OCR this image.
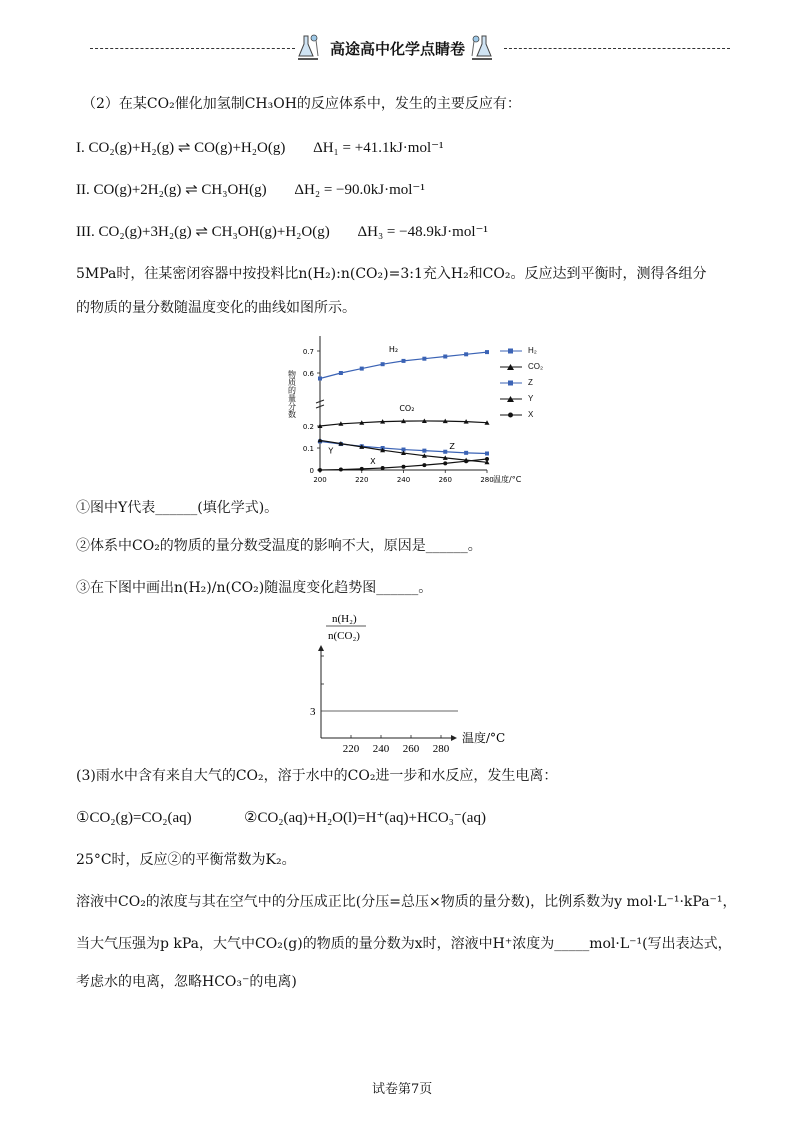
高途高中化学点睛卷
（2）在某CO₂催化加氢制CH₃OH的反应体系中，发生的主要反应有：
I. CO₂(g)+H₂(g) ⇌ CO(g)+H₂O(g) ΔH₁ = +41.1kJ·mol⁻¹
II. CO(g)+2H₂(g) ⇌ CH₃OH(g) ΔH₂ = −90.0kJ·mol⁻¹
III. CO₂(g)+3H₂(g) ⇌ CH₃OH(g)+H₂O(g) ΔH₃ = −48.9kJ·mol⁻¹
5MPa时，往某密闭容器中按投料比n(H₂):n(CO₂)=3:1充入H₂和CO₂。反应达到平衡时，测得各组分
的物质的量分数随温度变化的曲线如图所示。
物质的量分数
0
0.1
0.2
0.6
0.7
200	220	240	260	280 温度/°C
H₂
CO₂
Z
Y
X
H₂
CO₂
Z
Y
X
①图中Y代表______(填化学式)。
②体系中CO₂的物质的量分数受温度的影响不大，原因是______。
③在下图中画出n(H₂)/n(CO₂)随温度变化趋势图______。
n(H₂)
n(CO₂)
3
220 240 260 280
温度/°C
(3)雨水中含有来自大气的CO₂，溶于水中的CO₂进一步和水反应，发生电离：
①CO₂(g)=CO₂(aq)	②CO₂(aq)+H₂O(l)=H⁺(aq)+HCO₃⁻(aq)
25°C时，反应②的平衡常数为K₂。
溶液中CO₂的浓度与其在空气中的分压成正比(分压=总压×物质的量分数)，比例系数为y mol·L⁻¹·kPa⁻¹，
当大气压强为p kPa，大气中CO₂(g)的物质的量分数为x时，溶液中H⁺浓度为_____mol·L⁻¹(写出表达式，
考虑水的电离，忽略HCO₃⁻的电离)
试卷第7页
